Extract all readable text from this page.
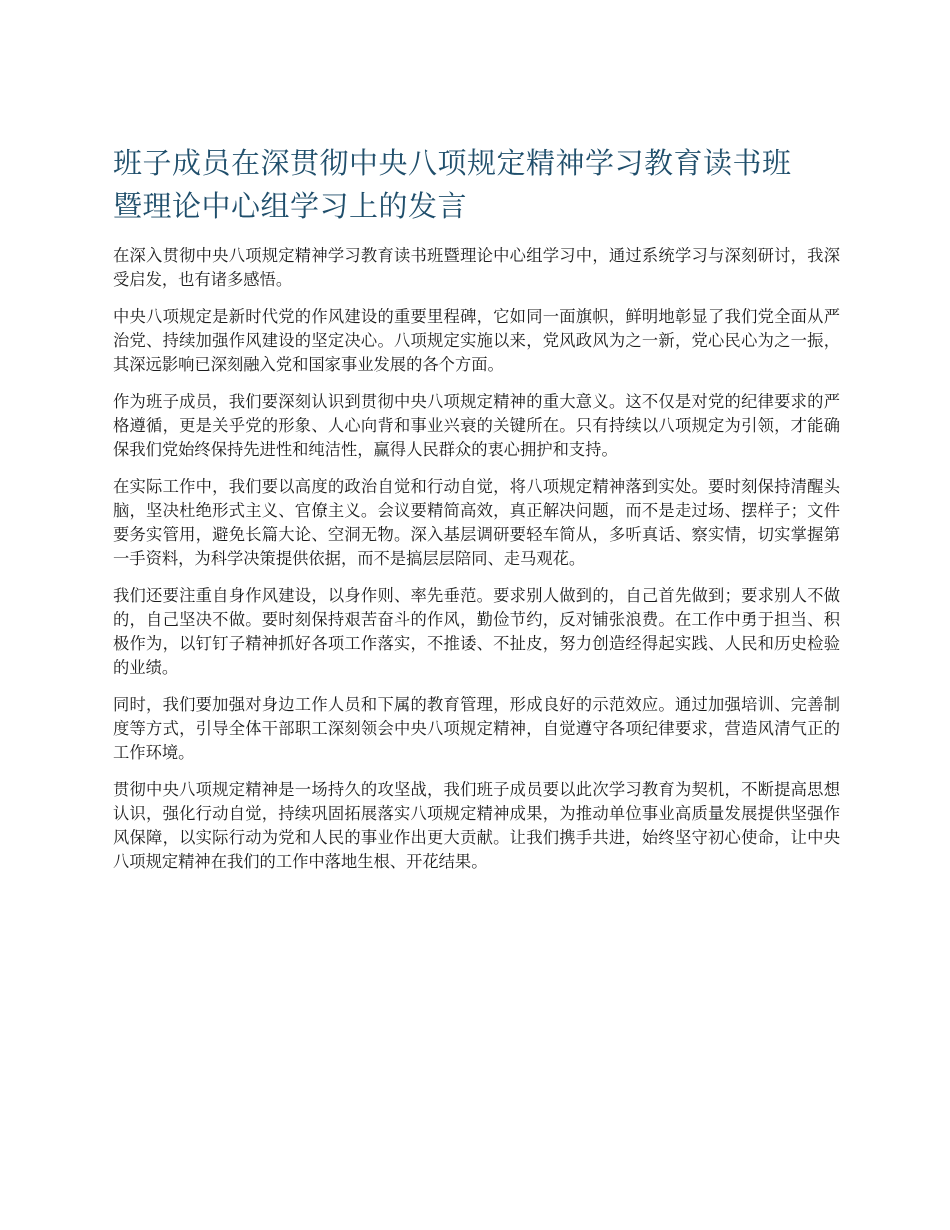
班子成员在深贯彻中央八项规定精神学习教育读书班
暨理论中心组学习上的发言

在深入贯彻中央八项规定精神学习教育读书班暨理论中心组学习中，通过系统学习与深刻研讨，我深受启发，也有诸多感悟。

中央八项规定是新时代党的作风建设的重要里程碑，它如同一面旗帜，鲜明地彰显了我们党全面从严治党、持续加强作风建设的坚定决心。八项规定实施以来，党风政风为之一新，党心民心为之一振，其深远影响已深刻融入党和国家事业发展的各个方面。

作为班子成员，我们要深刻认识到贯彻中央八项规定精神的重大意义。这不仅是对党的纪律要求的严格遵循，更是关乎党的形象、人心向背和事业兴衰的关键所在。只有持续以八项规定为引领，才能确保我们党始终保持先进性和纯洁性，赢得人民群众的衷心拥护和支持。

在实际工作中，我们要以高度的政治自觉和行动自觉，将八项规定精神落到实处。要时刻保持清醒头脑，坚决杜绝形式主义、官僚主义。会议要精简高效，真正解决问题，而不是走过场、摆样子；文件要务实管用，避免长篇大论、空洞无物。深入基层调研要轻车简从，多听真话、察实情，切实掌握第一手资料，为科学决策提供依据，而不是搞层层陪同、走马观花。

我们还要注重自身作风建设，以身作则、率先垂范。要求别人做到的，自己首先做到；要求别人不做的，自己坚决不做。要时刻保持艰苦奋斗的作风，勤俭节约，反对铺张浪费。在工作中勇于担当、积极作为，以钉钉子精神抓好各项工作落实，不推诿、不扯皮，努力创造经得起实践、人民和历史检验的业绩。

同时，我们要加强对身边工作人员和下属的教育管理，形成良好的示范效应。通过加强培训、完善制度等方式，引导全体干部职工深刻领会中央八项规定精神，自觉遵守各项纪律要求，营造风清气正的工作环境。

贯彻中央八项规定精神是一场持久的攻坚战，我们班子成员要以此次学习教育为契机，不断提高思想认识，强化行动自觉，持续巩固拓展落实八项规定精神成果，为推动单位事业高质量发展提供坚强作风保障，以实际行动为党和人民的事业作出更大贡献。让我们携手共进，始终坚守初心使命，让中央八项规定精神在我们的工作中落地生根、开花结果。
